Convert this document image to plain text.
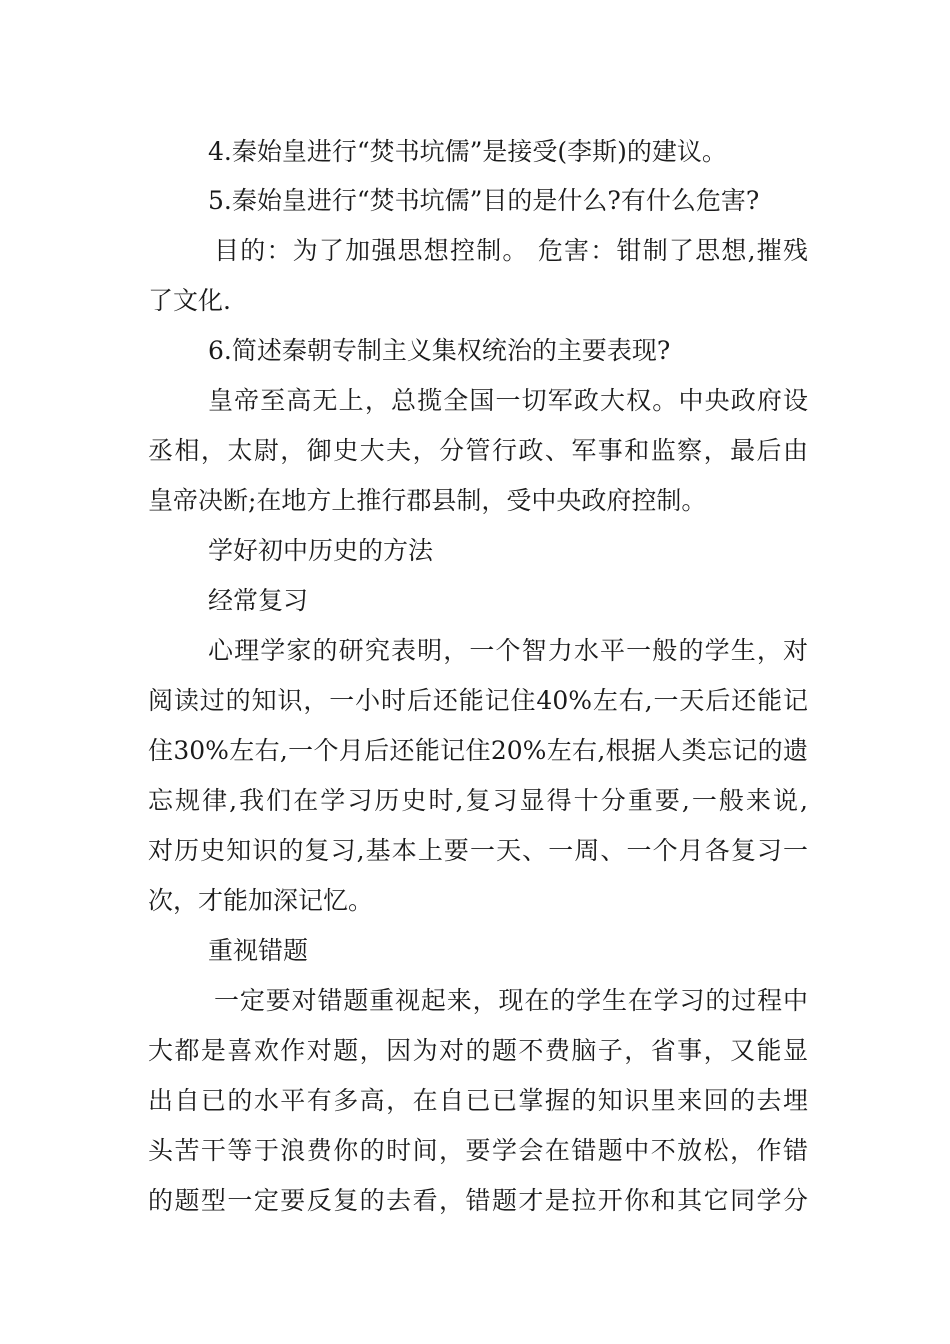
4.秦始皇进行“焚书坑儒”是接受(李斯)的建议。
5.秦始皇进行“焚书坑儒”目的是什么?有什么危害?
目的：为了加强思想控制。 危害：钳制了思想,摧残
了文化.
6.简述秦朝专制主义集权统治的主要表现?
皇帝至高无上，总揽全国一切军政大权。中央政府设
丞相，太尉，御史大夫，分管行政、军事和监察，最后由
皇帝决断;在地方上推行郡县制，受中央政府控制。
学好初中历史的方法
经常复习
心理学家的研究表明，一个智力水平一般的学生，对
阅读过的知识，一小时后还能记住40%左右,一天后还能记
住30%左右,一个月后还能记住20%左右,根据人类忘记的遗
忘规律,我们在学习历史时,复习显得十分重要,一般来说,
对历史知识的复习,基本上要一天、一周、一个月各复习一
次，才能加深记忆。
重视错题
一定要对错题重视起来，现在的学生在学习的过程中
大都是喜欢作对题，因为对的题不费脑子，省事，又能显
出自已的水平有多高，在自已已掌握的知识里来回的去埋
头苦干等于浪费你的时间，要学会在错题中不放松，作错
的题型一定要反复的去看，错题才是拉开你和其它同学分
